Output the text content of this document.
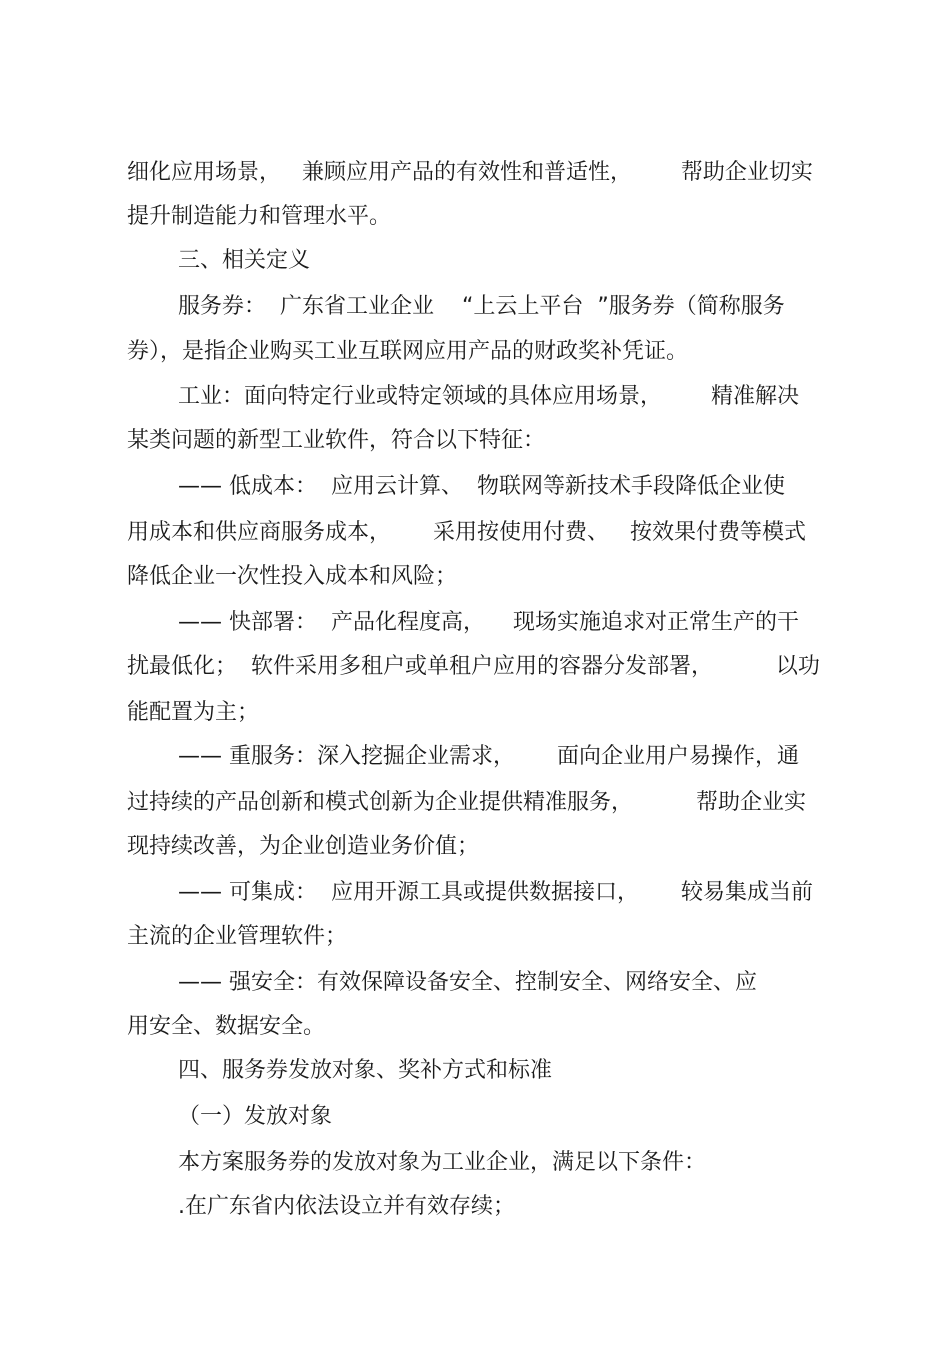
细化应用场景，   兼顾应用产品的有效性和普适性，       帮助企业切实
提升制造能力和管理水平。
三、相关定义
服务券：  广东省工业企业    “上云上平台  ”服务券（简称服务
券），是指企业购买工业互联网应用产品的财政奖补凭证。
工业：面向特定行业或特定领域的具体应用场景，       精准解决
某类问题的新型工业软件，符合以下特征：
—— 低成本：  应用云计算、  物联网等新技术手段降低企业使
用成本和供应商服务成本，      采用按使用付费、   按效果付费等模式
降低企业一次性投入成本和风险；
—— 快部署：  产品化程度高，    现场实施追求对正常生产的干
扰最低化；  软件采用多租户或单租户应用的容器分发部署，         以功
能配置为主；
—— 重服务：深入挖掘企业需求，      面向企业用户易操作，通
过持续的产品创新和模式创新为企业提供精准服务，         帮助企业实
现持续改善，为企业创造业务价值；
—— 可集成：  应用开源工具或提供数据接口，      较易集成当前
主流的企业管理软件；
—— 强安全：有效保障设备安全、控制安全、网络安全、应
用安全、数据安全。
四、服务券发放对象、奖补方式和标准
（一）发放对象
本方案服务券的发放对象为工业企业，满足以下条件：
.在广东省内依法设立并有效存续；
